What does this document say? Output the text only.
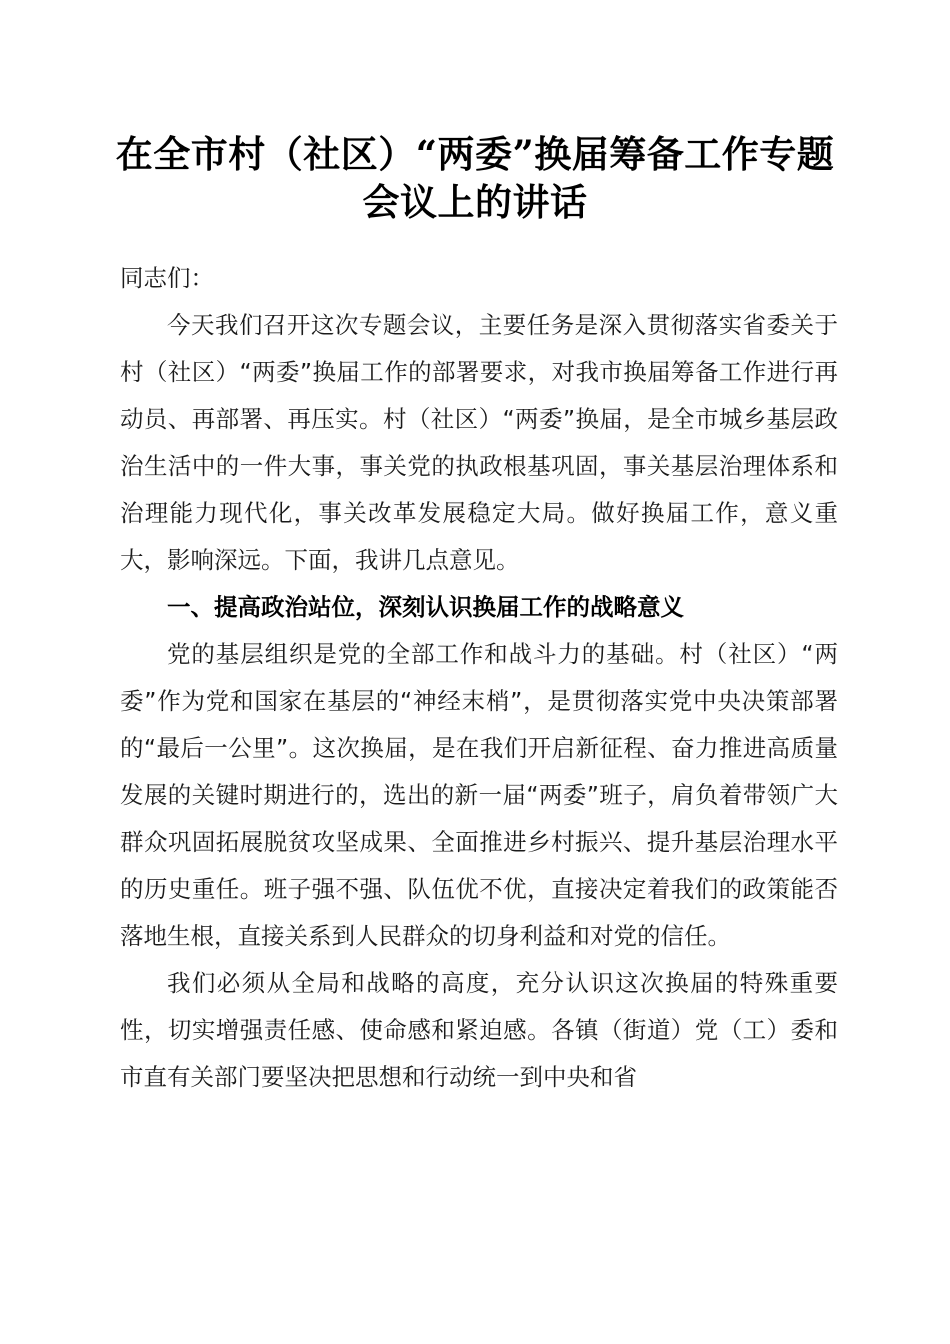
在全市村（社区）“两委”换届筹备工作专题
会议上的讲话

同志们：

今天我们召开这次专题会议，主要任务是深入贯彻落实省委关于村（社区）“两委”换届工作的部署要求，对我市换届筹备工作进行再动员、再部署、再压实。村（社区）“两委”换届，是全市城乡基层政治生活中的一件大事，事关党的执政根基巩固，事关基层治理体系和治理能力现代化，事关改革发展稳定大局。做好换届工作，意义重大，影响深远。下面，我讲几点意见。

一、提高政治站位，深刻认识换届工作的战略意义

党的基层组织是党的全部工作和战斗力的基础。村（社区）“两委”作为党和国家在基层的“神经末梢”，是贯彻落实党中央决策部署的“最后一公里”。这次换届，是在我们开启新征程、奋力推进高质量发展的关键时期进行的，选出的新一届“两委”班子，肩负着带领广大群众巩固拓展脱贫攻坚成果、全面推进乡村振兴、提升基层治理水平的历史重任。班子强不强、队伍优不优，直接决定着我们的政策能否落地生根，直接关系到人民群众的切身利益和对党的信任。

我们必须从全局和战略的高度，充分认识这次换届的特殊重要性，切实增强责任感、使命感和紧迫感。各镇（街道）党（工）委和市直有关部门要坚决把思想和行动统一到中央和省
